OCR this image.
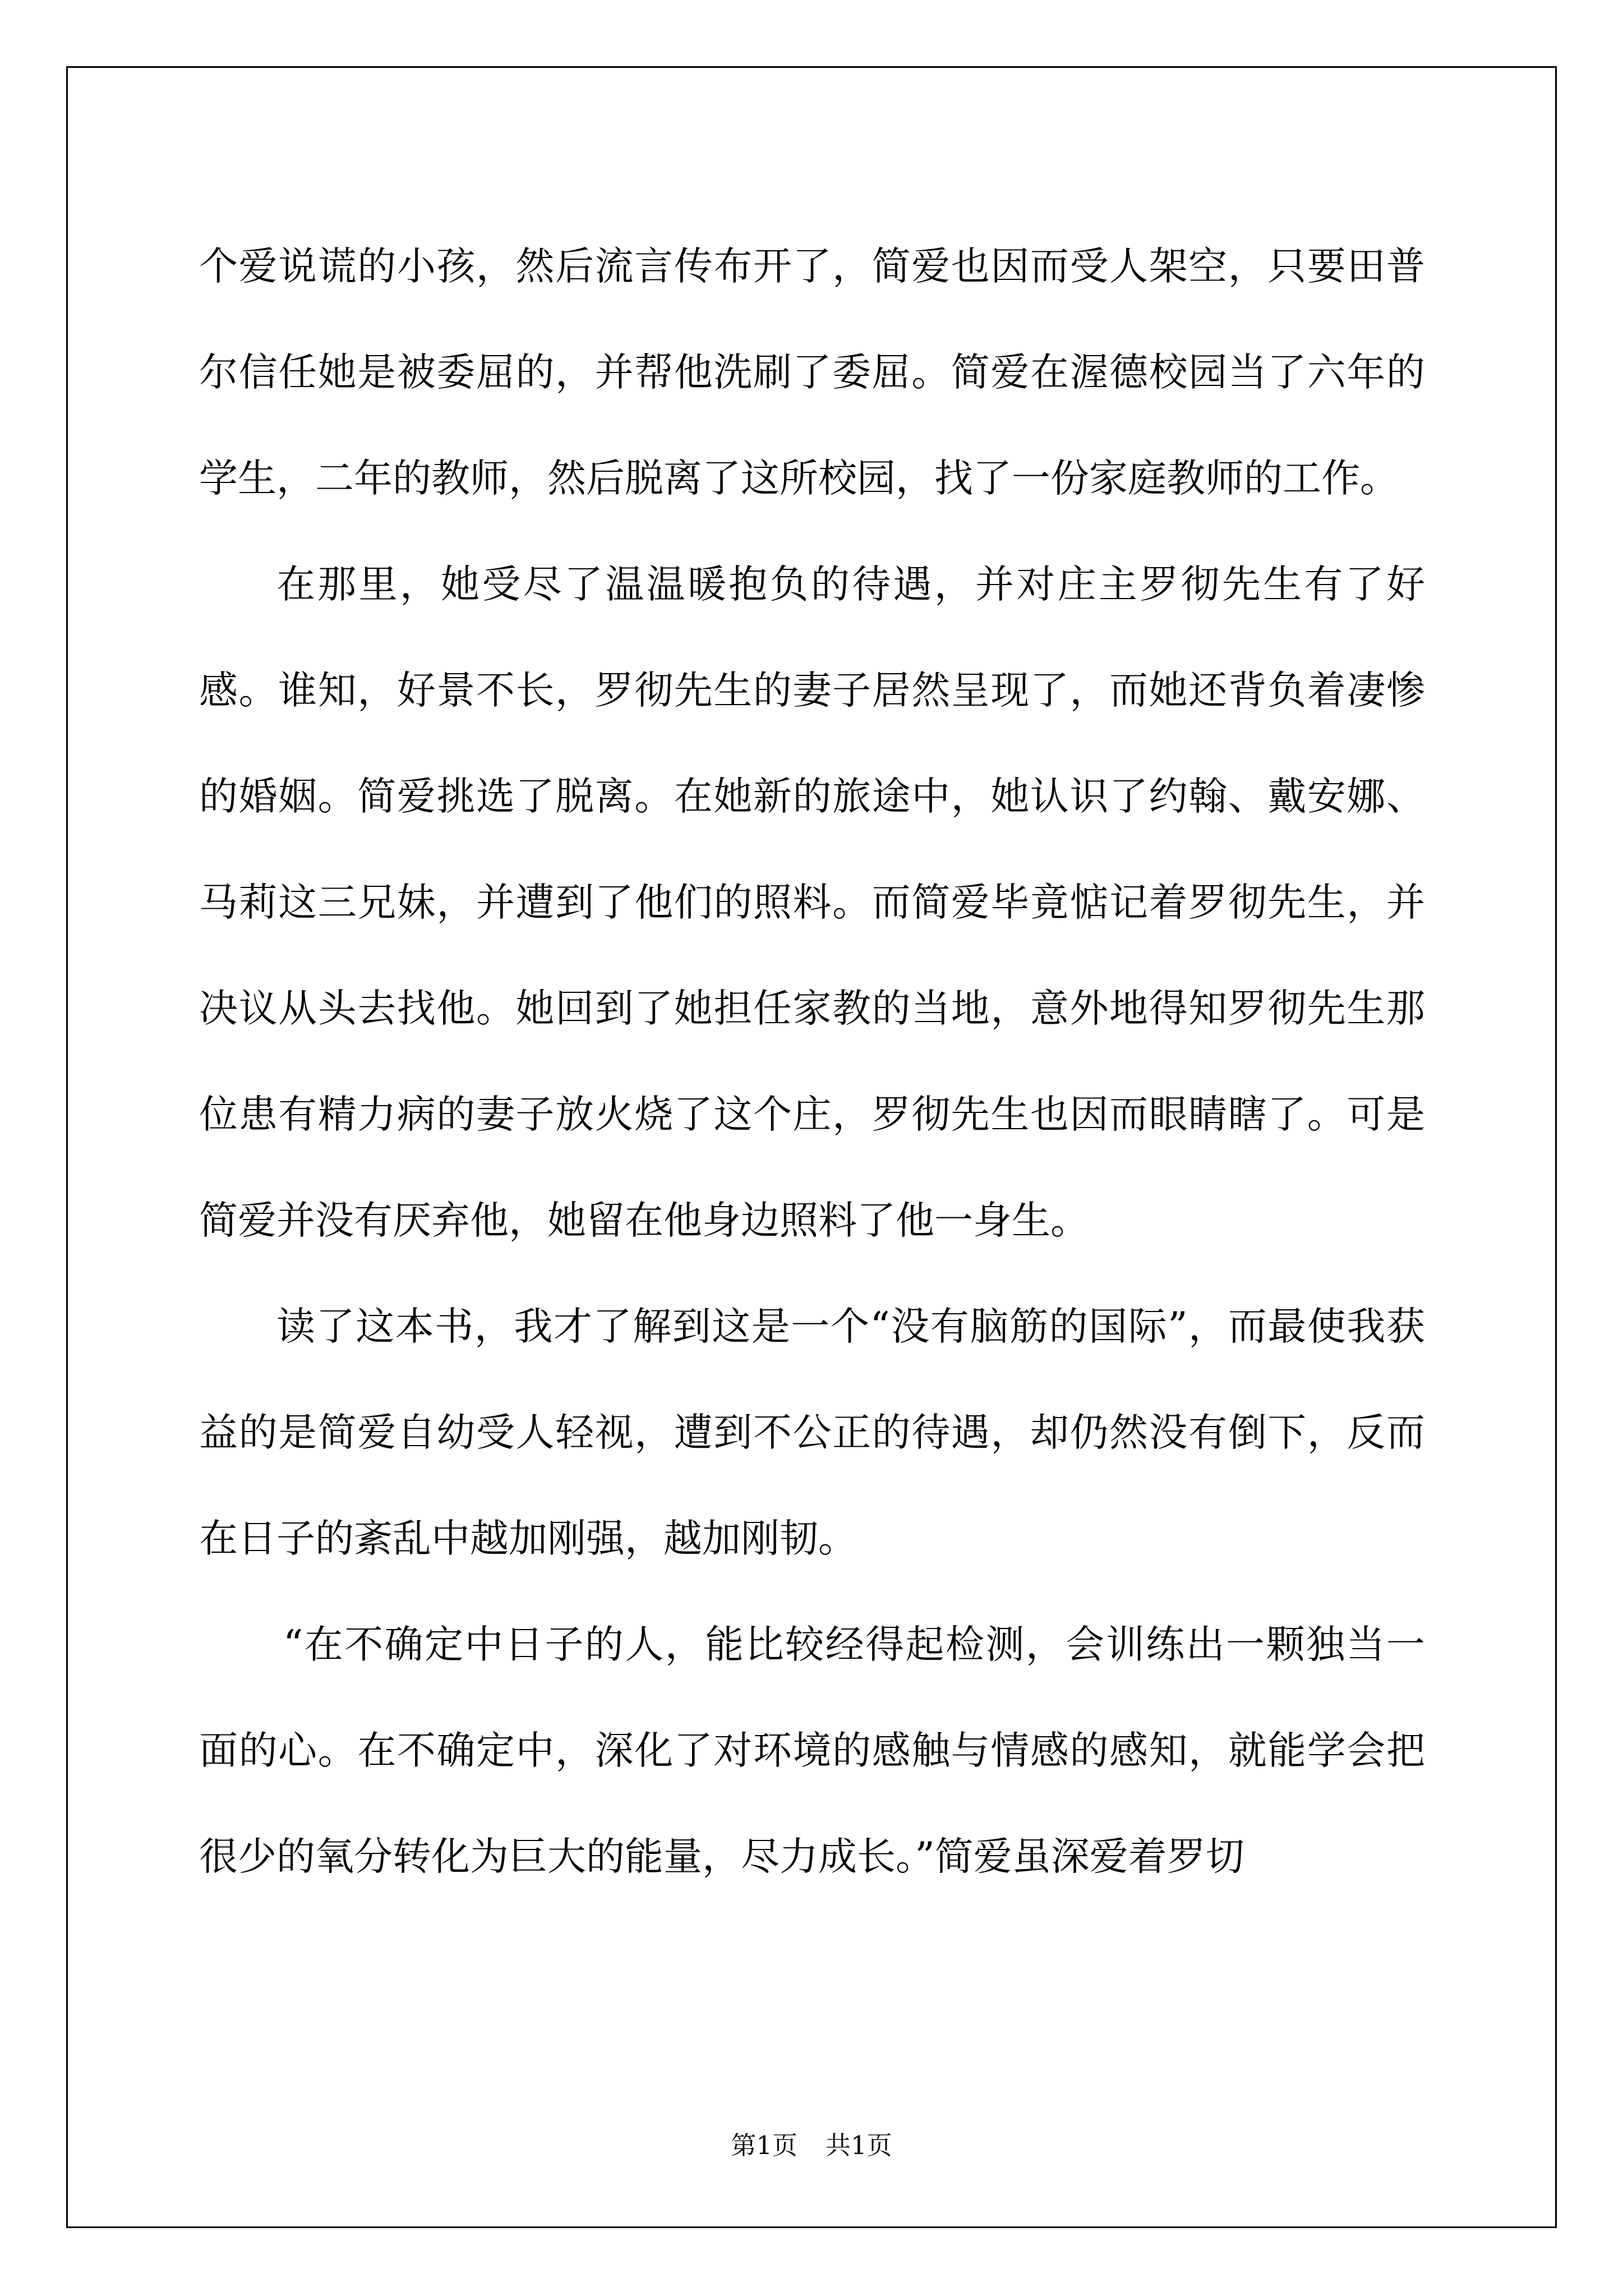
个爱说谎的小孩，然后流言传布开了，简爱也因而受人架空，只要田普尔信任她是被委屈的，并帮他洗刷了委屈。简爱在渥德校园当了六年的学生，二年的教师，然后脱离了这所校园，找了一份家庭教师的工作。

在那里，她受尽了温温暖抱负的待遇，并对庄主罗彻先生有了好感。谁知，好景不长，罗彻先生的妻子居然呈现了，而她还背负着凄惨的婚姻。简爱挑选了脱离。在她新的旅途中，她认识了约翰、戴安娜、马莉这三兄妹，并遭到了他们的照料。而简爱毕竟惦记着罗彻先生，并决议从头去找他。她回到了她担任家教的当地，意外地得知罗彻先生那位患有精力病的妻子放火烧了这个庄，罗彻先生也因而眼睛瞎了。可是简爱并没有厌弃他，她留在他身边照料了他一身生。

读了这本书，我才了解到这是一个“没有脑筋的国际”，而最使我获益的是简爱自幼受人轻视，遭到不公正的待遇，却仍然没有倒下，反而在日子的紊乱中越加刚强，越加刚韧。

“在不确定中日子的人，能比较经得起检测，会训练出一颗独当一面的心。在不确定中，深化了对环境的感触与情感的感知，就能学会把很少的氧分转化为巨大的能量，尽力成长。”简爱虽深爱着罗切

第1页 共1页
